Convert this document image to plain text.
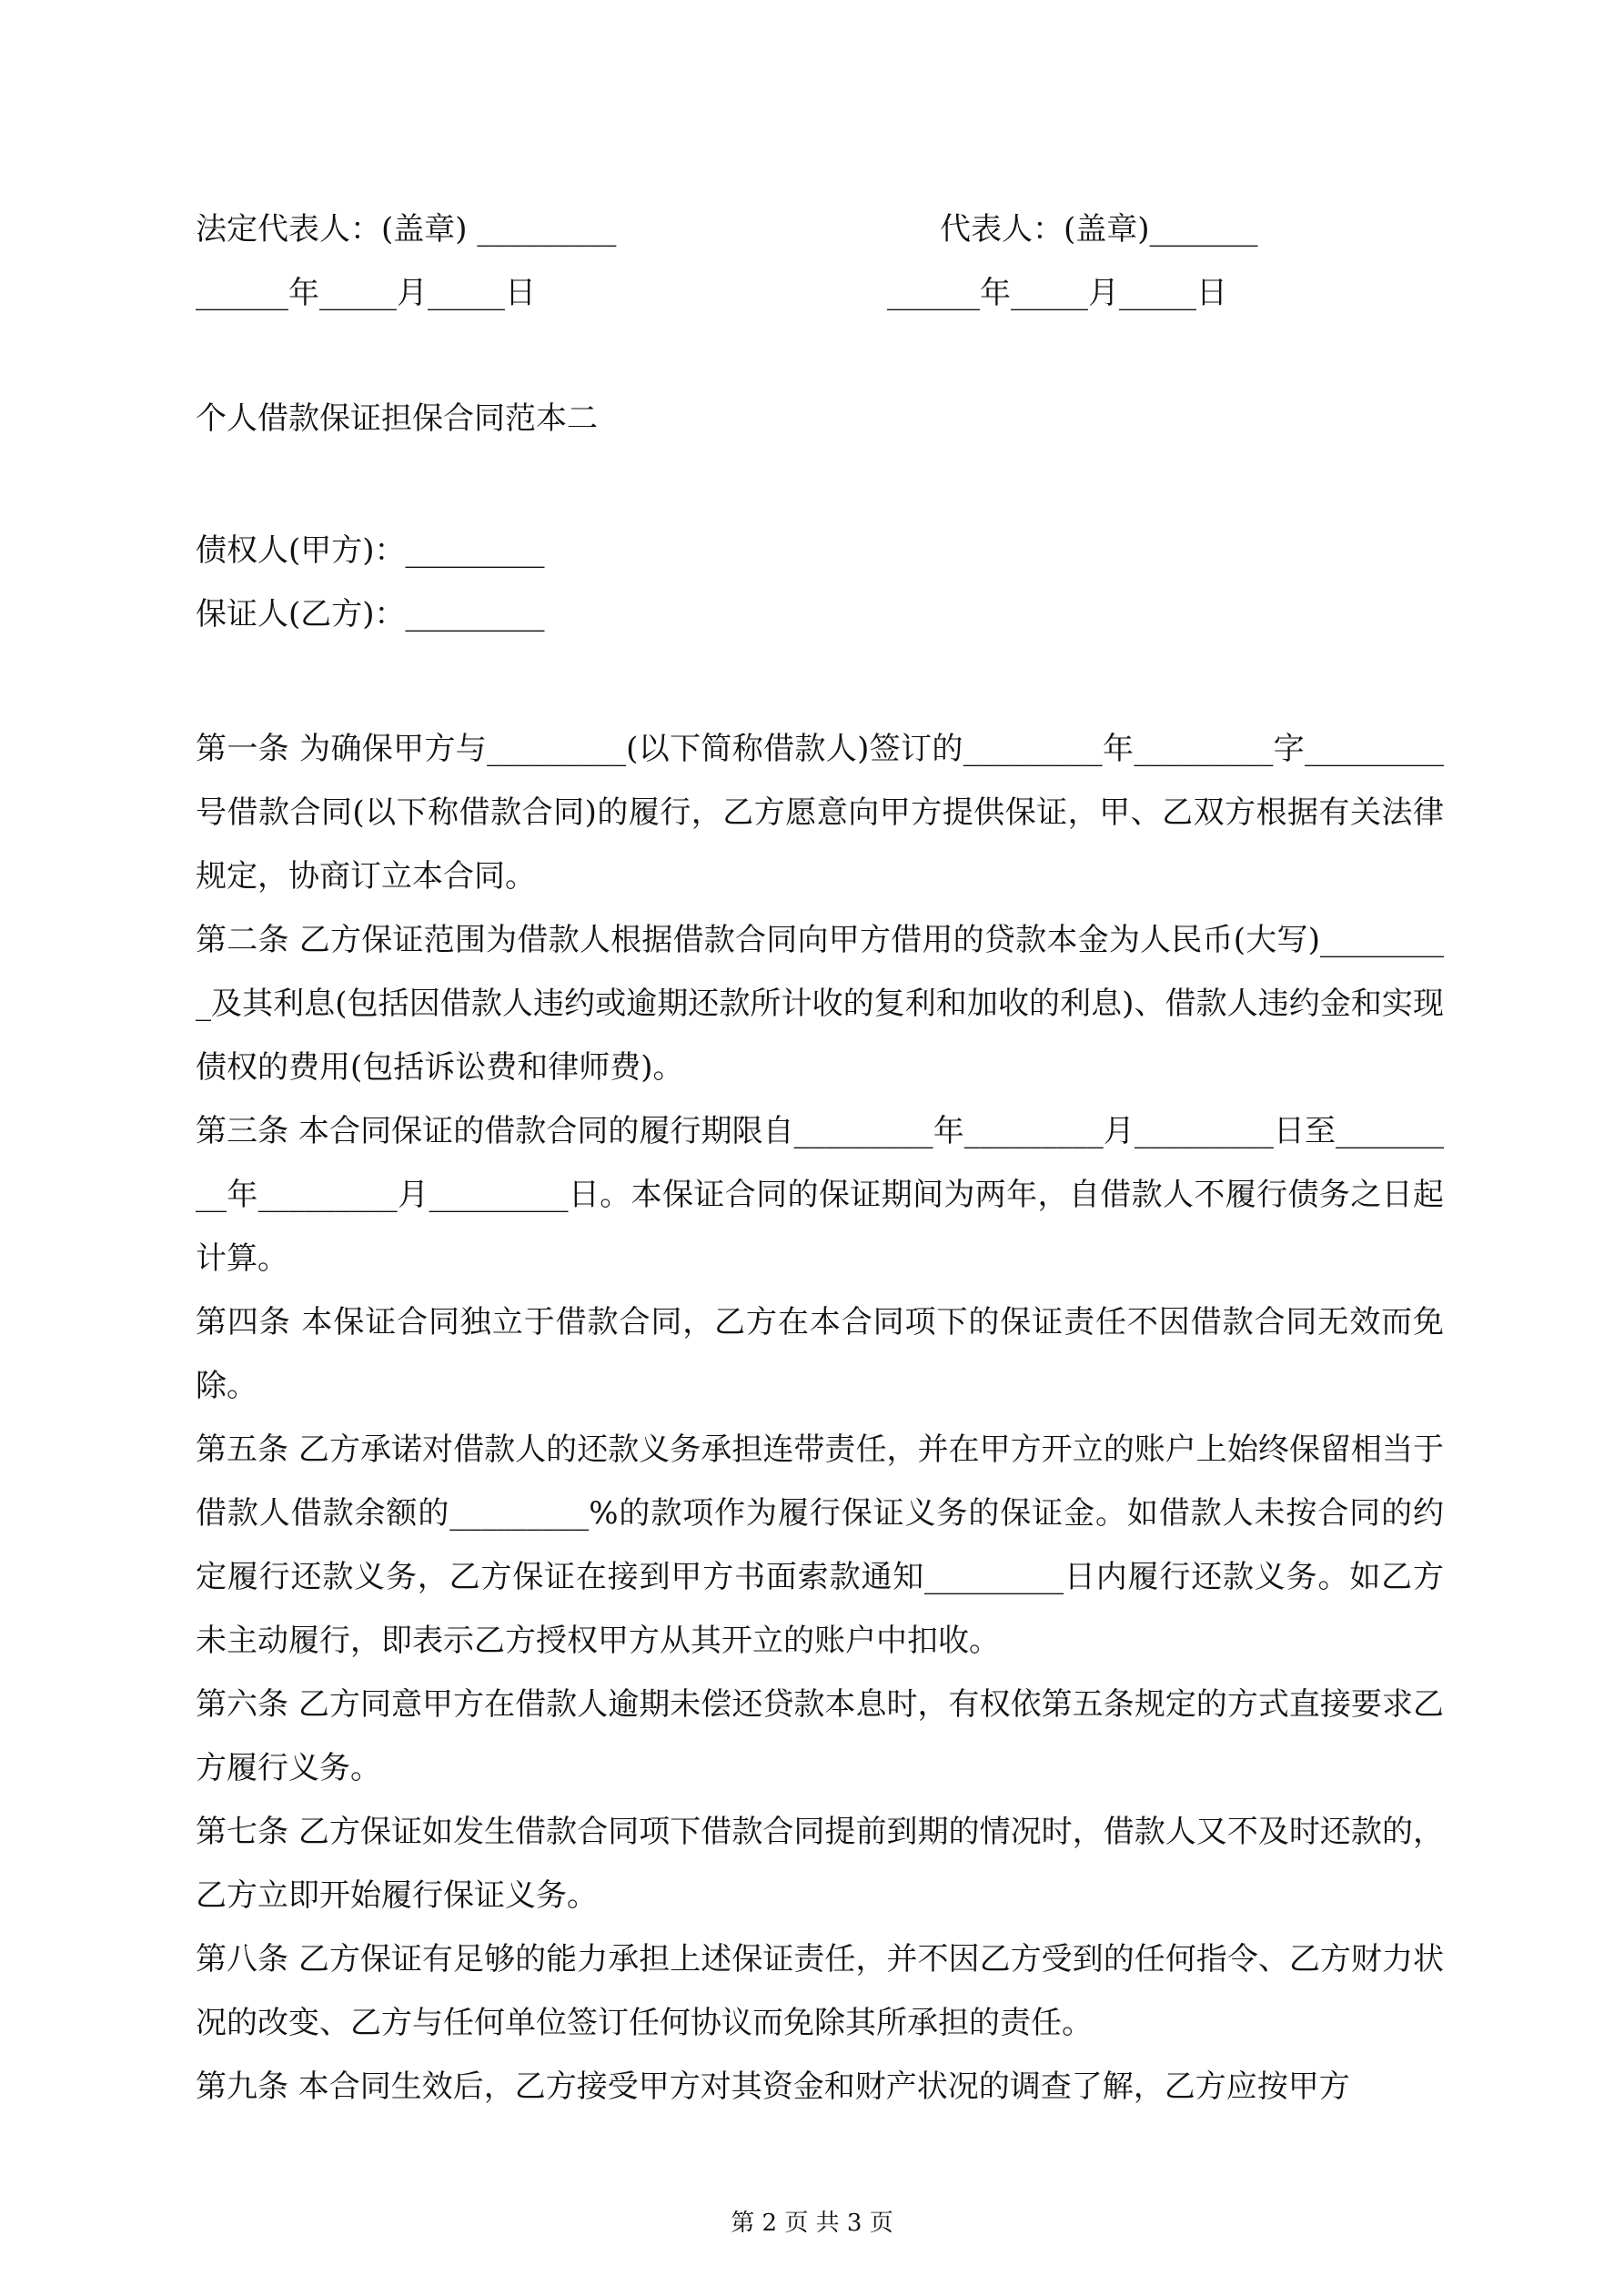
法定代表人：(盖章) _________	代表人：(盖章)_______
______年_____月_____日	______年_____月_____日
个人借款保证担保合同范本二
债权人(甲方)：_________
保证人(乙方)：_________

第一条 为确保甲方与_________(以下简称借款人)签订的_________年_________字_________号借款合同(以下称借款合同)的履行，乙方愿意向甲方提供保证，甲、乙双方根据有关法律规定，协商订立本合同。

第二条 乙方保证范围为借款人根据借款合同向甲方借用的贷款本金为人民币(大写)_________及其利息(包括因借款人违约或逾期还款所计收的复利和加收的利息)、借款人违约金和实现债权的费用(包括诉讼费和律师费)。

第三条 本合同保证的借款合同的履行期限自_________年_________月_________日至_________年_________月_________日。本保证合同的保证期间为两年，自借款人不履行债务之日起计算。

第四条 本保证合同独立于借款合同，乙方在本合同项下的保证责任不因借款合同无效而免除。

第五条 乙方承诺对借款人的还款义务承担连带责任，并在甲方开立的账户上始终保留相当于借款人借款余额的_________%的款项作为履行保证义务的保证金。如借款人未按合同的约定履行还款义务，乙方保证在接到甲方书面索款通知_________日内履行还款义务。如乙方未主动履行，即表示乙方授权甲方从其开立的账户中扣收。

第六条 乙方同意甲方在借款人逾期未偿还贷款本息时，有权依第五条规定的方式直接要求乙方履行义务。

第七条 乙方保证如发生借款合同项下借款合同提前到期的情况时，借款人又不及时还款的，乙方立即开始履行保证义务。

第八条 乙方保证有足够的能力承担上述保证责任，并不因乙方受到的任何指令、乙方财力状况的改变、乙方与任何单位签订任何协议而免除其所承担的责任。

第九条 本合同生效后，乙方接受甲方对其资金和财产状况的调查了解，乙方应按甲方

第 2 页 共 3 页
